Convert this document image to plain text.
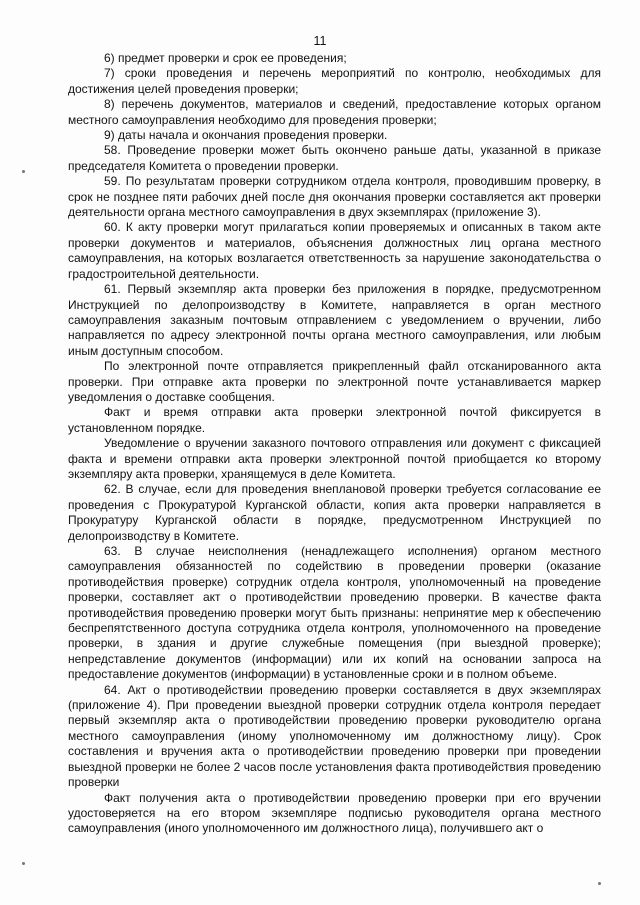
11

6) предмет проверки и срок ее проведения;

7) сроки проведения и перечень мероприятий по контролю, необходимых для достижения целей проведения проверки;

8) перечень документов, материалов и сведений, предоставление которых органом местного самоуправления необходимо для проведения проверки;

9) даты начала и окончания проведения проверки.

58. Проведение проверки может быть окончено раньше даты, указанной в приказе председателя Комитета о проведении проверки.

59. По результатам проверки сотрудником отдела контроля, проводившим проверку, в срок не позднее пяти рабочих дней после дня окончания проверки составляется акт проверки деятельности органа местного самоуправления в двух экземплярах (приложение 3).

60. К акту проверки могут прилагаться копии проверяемых и описанных в таком акте проверки документов и материалов, объяснения должностных лиц органа местного самоуправления, на которых возлагается ответственность за нарушение законодательства о градостроительной деятельности.

61. Первый экземпляр акта проверки без приложения в порядке, предусмотренном Инструкцией по делопроизводству в Комитете, направляется в орган местного самоуправления заказным почтовым отправлением с уведомлением о вручении, либо направляется по адресу электронной почты органа местного самоуправления, или любым иным доступным способом.

По электронной почте отправляется прикрепленный файл отсканированного акта проверки. При отправке акта проверки по электронной почте устанавливается маркер уведомления о доставке сообщения.

Факт и время отправки акта проверки электронной почтой фиксируется в установленном порядке.

Уведомление о вручении заказного почтового отправления или документ с фиксацией факта и времени отправки акта проверки электронной почтой приобщается ко второму экземпляру акта проверки, хранящемуся в деле Комитета.

62. В случае, если для проведения внеплановой проверки требуется согласование ее проведения с Прокуратурой Курганской области, копия акта проверки направляется в Прокуратуру Курганской области в порядке, предусмотренном Инструкцией по делопроизводству в Комитете.

63. В случае неисполнения (ненадлежащего исполнения) органом местного самоуправления обязанностей по содействию в проведении проверки (оказание противодействия проверке) сотрудник отдела контроля, уполномоченный на проведение проверки, составляет акт о противодействии проведению проверки. В качестве факта противодействия проведению проверки могут быть признаны: непринятие мер к обеспечению беспрепятственного доступа сотрудника отдела контроля, уполномоченного на проведение проверки, в здания и другие служебные помещения (при выездной проверке); непредставление документов (информации) или их копий на основании запроса на предоставление документов (информации) в установленные сроки и в полном объеме.

64. Акт о противодействии проведению проверки составляется в двух экземплярах (приложение 4). При проведении выездной проверки сотрудник отдела контроля передает первый экземпляр акта о противодействии проведению проверки руководителю органа местного самоуправления (иному уполномоченному им должностному лицу). Срок составления и вручения акта о противодействии проведению проверки при проведении выездной проверки не более 2 часов после установления факта противодействия проведению проверки

Факт получения акта о противодействии проведению проверки при его вручении удостоверяется на его втором экземпляре подписью руководителя органа местного самоуправления (иного уполномоченного им должностного лица), получившего акт о
